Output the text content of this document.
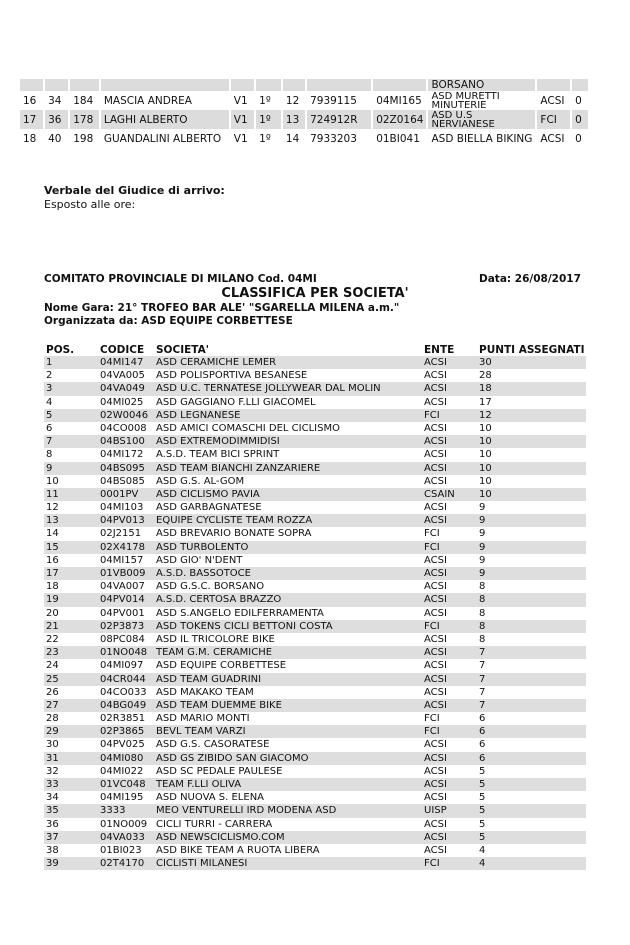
									BORSANO		
16	34	184	MASCIA ANDREA	V1	1º	12	7939115	04MI165	ASD MURETTI
MINUTERIE	ACSI	0
17	36	178	LAGHI ALBERTO	V1	1º	13	724912R	02Z0164	ASD U.S
NERVIANESE	FCI	0
18	40	198	GUANDALINI ALBERTO	V1	1º	14	7933203	01BI041	ASD BIELLA BIKING	ACSI	0
Verbale del Giudice di arrivo:
Esposto alle ore:
COMITATO PROVINCIALE DI MILANO Cod. 04MI	Data: 26/08/2017
CLASSIFICA PER SOCIETA'
Nome Gara: 21° TROFEO BAR ALE' "SGARELLA MILENA a.m."
Organizzata da: ASD EQUIPE CORBETTESE
POS. CODICE SOCIETA'	ENTE PUNTI ASSEGNATI
1	04MI147 ASD CERAMICHE LEMER	ACSI	30
2	04VA005 ASD POLISPORTIVA BESANESE	ACSI	28
3	04VA049 ASD U.C. TERNATESE JOLLYWEAR DAL MOLIN	ACSI	18
4	04MI025 ASD GAGGIANO F.LLI GIACOMEL	ACSI	17
5	02W0046 ASD LEGNANESE	FCI	12
6	04CO008 ASD AMICI COMASCHI DEL CICLISMO	ACSI	10
7	04BS100 ASD EXTREMODIMMIDISI	ACSI	10
8	04MI172 A.S.D. TEAM BICI SPRINT	ACSI	10
9	04BS095 ASD TEAM BIANCHI ZANZARIERE	ACSI	10
10	04BS085 ASD G.S. AL-GOM	ACSI	10
11	0001PV ASD CICLISMO PAVIA	CSAIN 10
12	04MI103 ASD GARBAGNATESE	ACSI	9
13	04PV013 EQUIPE CYCLISTE TEAM ROZZA	ACSI	9
14	02J2151 ASD BREVARIO BONATE SOPRA	FCI	9
15	02X4178 ASD TURBOLENTO	FCI	9
16	04MI157 ASD GIO' N'DENT	ACSI	9
17	01VB009 A.S.D. BASSOTOCE	ACSI	9
18	04VA007 ASD G.S.C. BORSANO	ACSI	8
19	04PV014 A.S.D. CERTOSA BRAZZO	ACSI	8
20	04PV001 ASD S.ANGELO EDILFERRAMENTA	ACSI	8
21	02P3873 ASD TOKENS CICLI BETTONI COSTA	FCI	8
22	08PC084 ASD IL TRICOLORE BIKE	ACSI	8
23	01NO048 TEAM G.M. CERAMICHE	ACSI	7
24	04MI097 ASD EQUIPE CORBETTESE	ACSI	7
25	04CR044 ASD TEAM GUADRINI	ACSI	7
26	04CO033 ASD MAKAKO TEAM	ACSI	7
27	04BG049 ASD TEAM DUEMME BIKE	ACSI	7
28	02R3851 ASD MARIO MONTI	FCI	6
29	02P3865 BEVL TEAM VARZI	FCI	6
30	04PV025 ASD G.S. CASORATESE	ACSI	6
31	04MI080 ASD GS ZIBIDO SAN GIACOMO	ACSI	6
32	04MI022 ASD SC PEDALE PAULESE	ACSI	5
33	01VC048 TEAM F.LLI OLIVA	ACSI	5
34	04MI195 ASD NUOVA S. ELENA	ACSI	5
35	3333	MEO VENTURELLI IRD MODENA ASD	UISP	5
36	01NO009 CICLI TURRI - CARRERA	ACSI	5
37	04VA033 ASD NEWSCICLISMO.COM	ACSI	5
38	01BI023 ASD BIKE TEAM A RUOTA LIBERA	ACSI	4
39	02T4170 CICLISTI MILANESI	FCI	4
